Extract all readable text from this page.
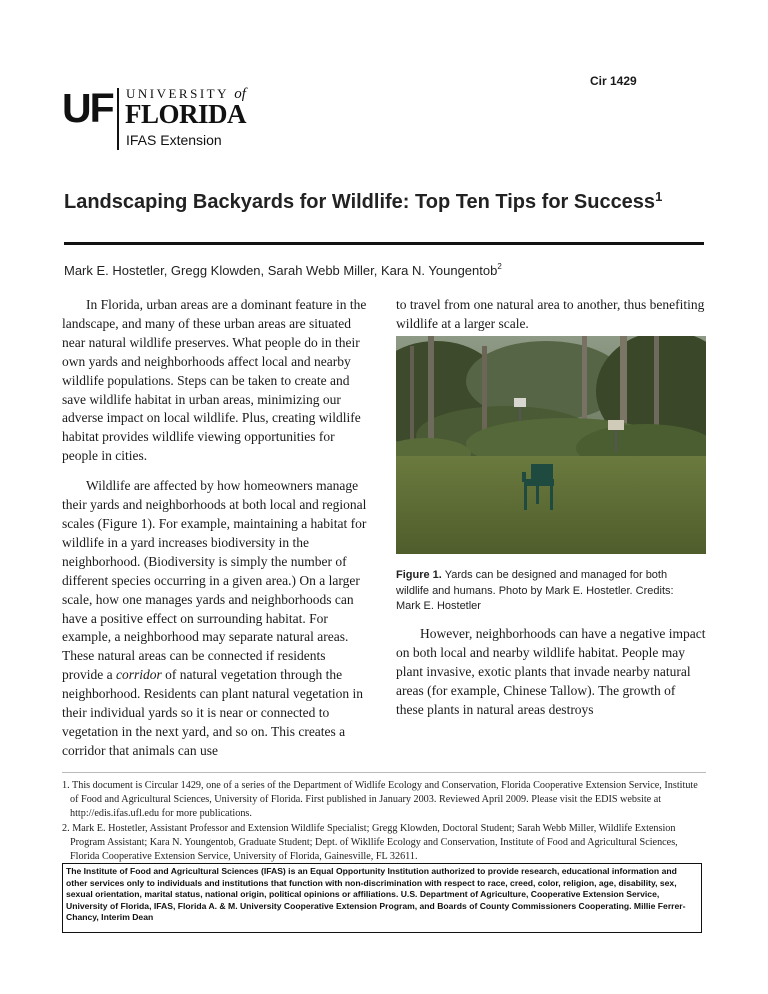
Cir 1429
UF UNIVERSITY of
FLORIDA
IFAS Extension
Landscaping Backyards for Wildlife: Top Ten Tips for Success$^1$
Mark E. Hostetler, Gregg Klowden, Sarah Webb Miller, Kara N. Youngentob$^2$

In Florida, urban areas are a dominant feature in the landscape, and many of these urban areas are situated near natural wildlife preserves. What people do in their own yards and neighborhoods affect local and nearby wildlife populations. Steps can be taken to create and save wildlife habitat in urban areas, minimizing our adverse impact on local wildlife. Plus, creating wildlife habitat provides wildlife viewing opportunities for people in cities.

Wildlife are affected by how homeowners manage their yards and neighborhoods at both local and regional scales (Figure 1). For example, maintaining a habitat for wildlife in a yard increases biodiversity in the neighborhood. (Biodiversity is simply the number of different species occurring in a given area.) On a larger scale, how one manages yards and neighborhoods can have a positive effect on surrounding habitat. For example, a neighborhood may separate natural areas. These natural areas can be connected if residents provide a corridor of natural vegetation through the neighborhood. Residents can plant natural vegetation in their individual yards so it is near or connected to vegetation in the next yard, and so on. This creates a corridor that animals can use

to travel from one natural area to another, thus benefiting wildlife at a larger scale.

Figure 1. Yards can be designed and managed for both wildlife and humans. Photo by Mark E. Hostetler. Credits: Mark E. Hostetler

However, neighborhoods can have a negative impact on both local and nearby wildlife habitat. People may plant invasive, exotic plants that invade nearby natural areas (for example, Chinese Tallow). The growth of these plants in natural areas destroys

1. This document is Circular 1429, one of a series of the Department of Widlife Ecology and Conservation, Florida Cooperative Extension Service, Institute of Food and Agricultural Sciences, University of Florida. First published in January 2003. Reviewed April 2009. Please visit the EDIS website at http://edis.ifas.ufl.edu for more publications.
2. Mark E. Hostetler, Assistant Professor and Extension Wildlife Specialist; Gregg Klowden, Doctoral Student; Sarah Webb Miller, Wildlife Extension Program Assistant; Kara N. Youngentob, Graduate Student; Dept. of Wikllife Ecology and Conservation, Institute of Food and Agricultural Sciences, Florida Cooperative Extension Service, University of Florida, Gainesville, FL 32611.
The Institute of Food and Agricultural Sciences (IFAS) is an Equal Opportunity Institution authorized to provide research, educational information and other services only to individuals and institutions that function with non-discrimination with respect to race, creed, color, religion, age, disability, sex, sexual orientation, marital status, national origin, political opinions or affiliations. U.S. Department of Agriculture, Cooperative Extension Service, University of Florida, IFAS, Florida A. & M. University Cooperative Extension Program, and Boards of County Commissioners Cooperating. Millie Ferrer-Chancy, Interim Dean
